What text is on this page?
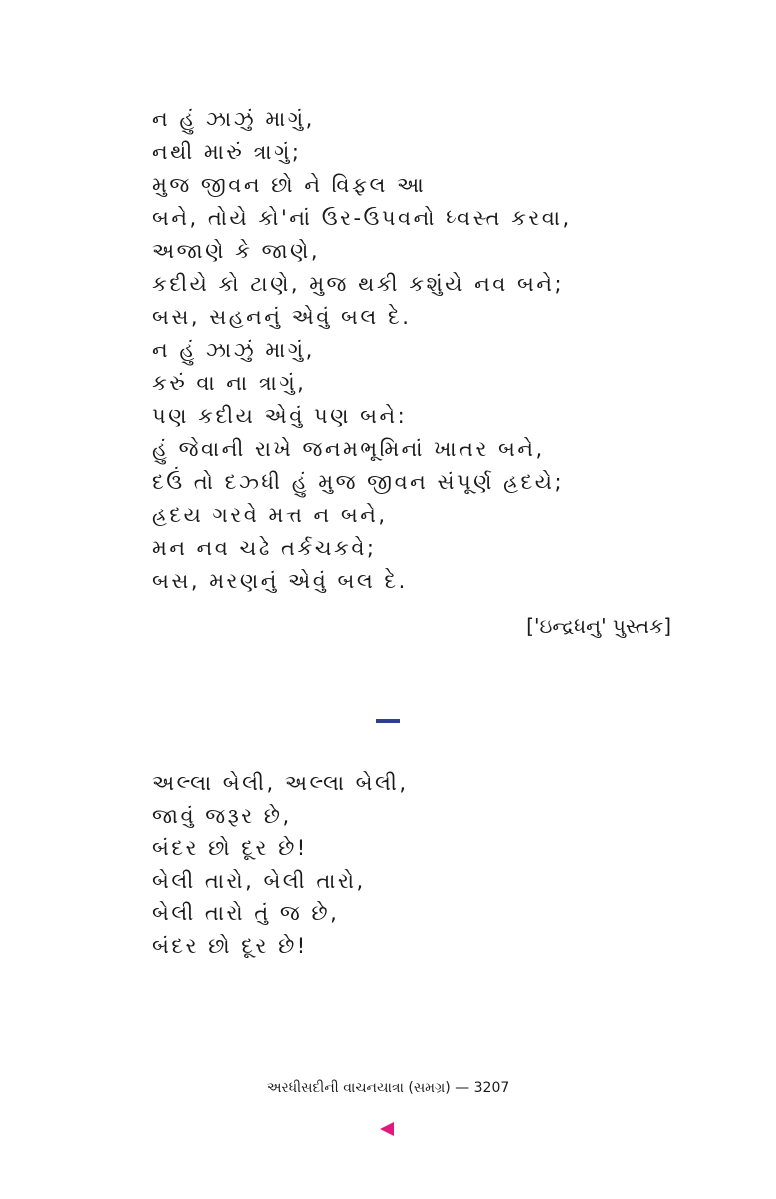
ન હું ઝાઝું માગું,
નથી મારું ત્રાગું;
મુજ જીવન છો ને વિફલ આ
બને, તોયે કો'નાં ઉર-ઉપવનો ધ્વસ્ત કરવા,
અજાણે કે જાણે,
કદીયે કો ટાણે, મુજ થકી કશુંયે નવ બને;
બસ, સહનનું એવું બલ દે.
ન હું ઝાઝું માગું,
કરું વા ના ત્રાગું,
પણ કદીય એવું પણ બને:
હું જેવાની રાખે જનમભૂમિનાં ખાતર બને,
દઉં તો દઝ્ધી હું મુજ જીવન સંપૂર્ણ હ્રદયે;
હ્રદય ગરવે મત્ત ન બને,
મન નવ ચઢે તર્કચકવે;
બસ, મરણનું એવું બલ દે.
['ઇન્દ્રધનુ' પુસ્તક]
અલ્લા બેલી, અલ્લા બેલી,
જાવું જરૂર છે,
બંદર છો દૂર છે!
બેલી તારો, બેલી તારો,
બેલી તારો તું જ છે,
બંદર છો દૂર છે!
અરધીસદીની વાચનયાત્રા (સમગ્ર) — 3207
